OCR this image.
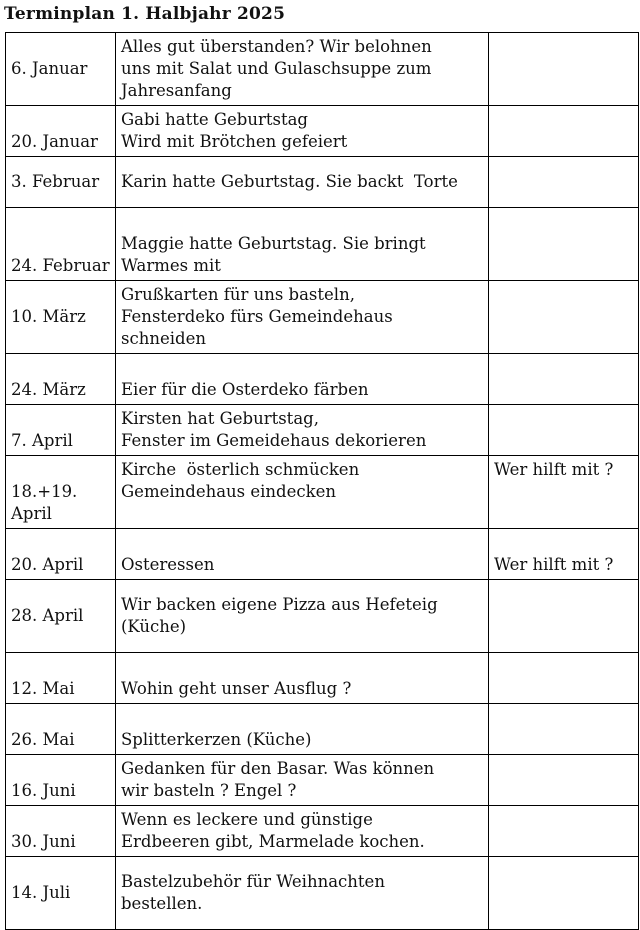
Terminplan 1. Halbjahr 2025
6. Januar	Alles gut überstanden? Wir belohnen
uns mit Salat und Gulaschsuppe zum
Jahresanfang	

20. Januar	Gabi hatte Geburtstag
Wird mit Brötchen gefeiert	

3. Februar	Karin hatte Geburtstag. Sie backt  Torte	

24. Februar	Maggie hatte Geburtstag. Sie bringt
Warmes mit	

10. März	Grußkarten für uns basteln,
Fensterdeko fürs Gemeindehaus
schneiden	

24. März	Eier für die Osterdeko färben	

7. April	Kirsten hat Geburtstag,
Fenster im Gemeidehaus dekorieren	

18.+19. April	Kirche  österlich schmücken
Gemeindehaus eindecken	Wer hilft mit ?

20. April	Osteressen	Wer hilft mit ?

28. April	Wir backen eigene Pizza aus Hefeteig
(Küche)	

12. Mai	Wohin geht unser Ausflug ?	

26. Mai	Splitterkerzen (Küche)	

16. Juni	Gedanken für den Basar. Was können
wir basteln ? Engel ?	

30. Juni	Wenn es leckere und günstige
Erdbeeren gibt, Marmelade kochen.	

14. Juli	Bastelzubehör für Weihnachten
bestellen.	
